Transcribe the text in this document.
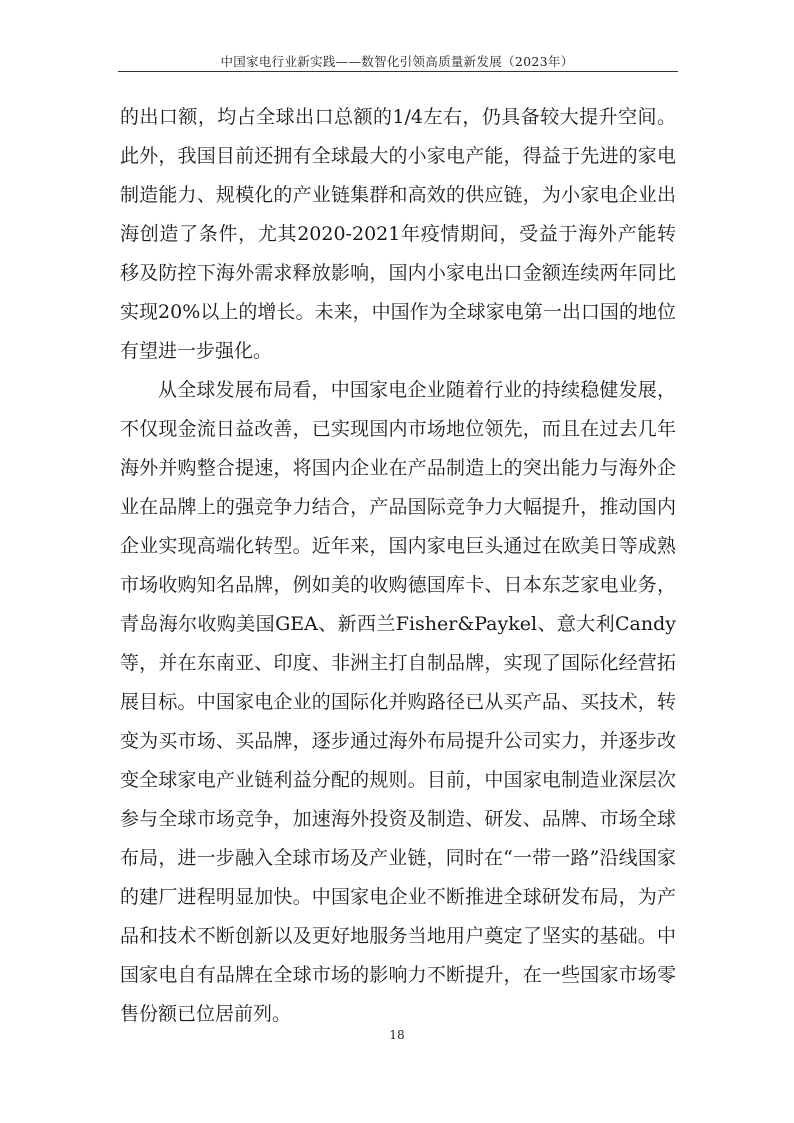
中国家电行业新实践——数智化引领高质量新发展（2023年）

的出口额，均占全球出口总额的1/4左右，仍具备较大提升空间。此外，我国目前还拥有全球最大的小家电产能，得益于先进的家电制造能力、规模化的产业链集群和高效的供应链，为小家电企业出海创造了条件，尤其2020-2021年疫情期间，受益于海外产能转移及防控下海外需求释放影响，国内小家电出口金额连续两年同比实现20%以上的增长。未来，中国作为全球家电第一出口国的地位有望进一步强化。

从全球发展布局看，中国家电企业随着行业的持续稳健发展，不仅现金流日益改善，已实现国内市场地位领先，而且在过去几年海外并购整合提速，将国内企业在产品制造上的突出能力与海外企业在品牌上的强竞争力结合，产品国际竞争力大幅提升，推动国内企业实现高端化转型。近年来，国内家电巨头通过在欧美日等成熟市场收购知名品牌，例如美的收购德国库卡、日本东芝家电业务，青岛海尔收购美国GEA、新西兰Fisher&Paykel、意大利Candy等，并在东南亚、印度、非洲主打自制品牌，实现了国际化经营拓展目标。中国家电企业的国际化并购路径已从买产品、买技术，转变为买市场、买品牌，逐步通过海外布局提升公司实力，并逐步改变全球家电产业链利益分配的规则。目前，中国家电制造业深层次参与全球市场竞争，加速海外投资及制造、研发、品牌、市场全球布局，进一步融入全球市场及产业链，同时在“一带一路”沿线国家的建厂进程明显加快。中国家电企业不断推进全球研发布局，为产品和技术不断创新以及更好地服务当地用户奠定了坚实的基础。中国家电自有品牌在全球市场的影响力不断提升，在一些国家市场零售份额已位居前列。

18
